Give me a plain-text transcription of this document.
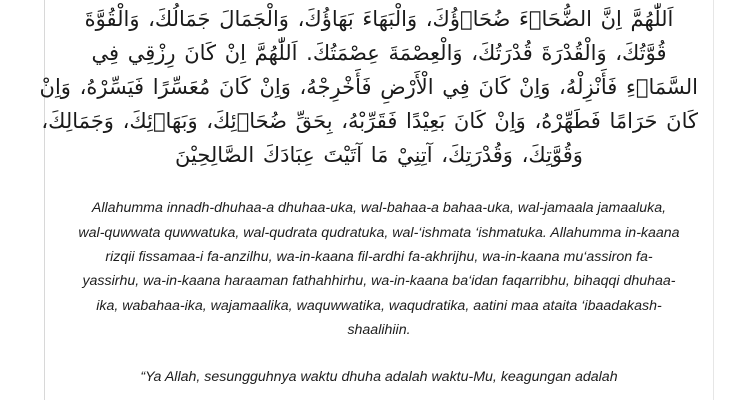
اَللّٰهُمَّ اِنَّ الضُّحَاۤءَ ضُحَاۤؤُكَ، وَالْبَهَاءَ بَهَاؤُكَ، وَالْجَمَالَ جَمَالُكَ، وَالْقُوَّةَ
قُوَّتُكَ، وَالْقُدْرَةَ قُدْرَتُكَ، وَالْعِصْمَةَ عِصْمَتُكَ. اَللّٰهُمَّ اِنْ كَانَ رِزْقِي فِي
السَّمَاۤءِ فَأَنْزِلْهُ، وَاِنْ كَانَ فِي الْأَرْضِ فَأَخْرِجْهُ، وَاِنْ كَانَ مُعَسِّرًا فَيَسِّرْهُ، وَاِنْ
كَانَ حَرَامًا فَطَهِّرْهُ، وَاِنْ كَانَ بَعِيْدًا فَقَرِّبْهُ، بِحَقِّ ضُحَاۤئِكَ، وَبَهَاۤئِكَ، وَجَمَالِكَ،
وَقُوَّتِكَ، وَقُدْرَتِكَ، آتِنِيْ مَا آتَيْتَ عِبَادَكَ الصَّالِحِيْنَ
Allahumma innadh-dhuhaa-a dhuhaa-uka, wal-bahaa-a bahaa-uka, wal-jamaala jamaaluka, wal-quwwata quwwatuka, wal-qudrata qudratuka, wal-‘ishmata ‘ishmatuka. Allahumma in-kaana rizqii fissamaa-i fa-anzilhu, wa-in-kaana fil-ardhi fa-akhrijhu, wa-in-kaana mu‘assiron fa-yassirhu, wa-in-kaana haraaman fathahhirhu, wa-in-kaana ba‘idan faqarribhu, bihaqqi dhuhaa-ika, wabahaa-ika, wajamaalika, waquwwatika, waqudratika, aatini maa ataita ‘ibaadakash-shaalihiin.
“Ya Allah, sesungguhnya waktu dhuha adalah waktu-Mu, keagungan adalah
